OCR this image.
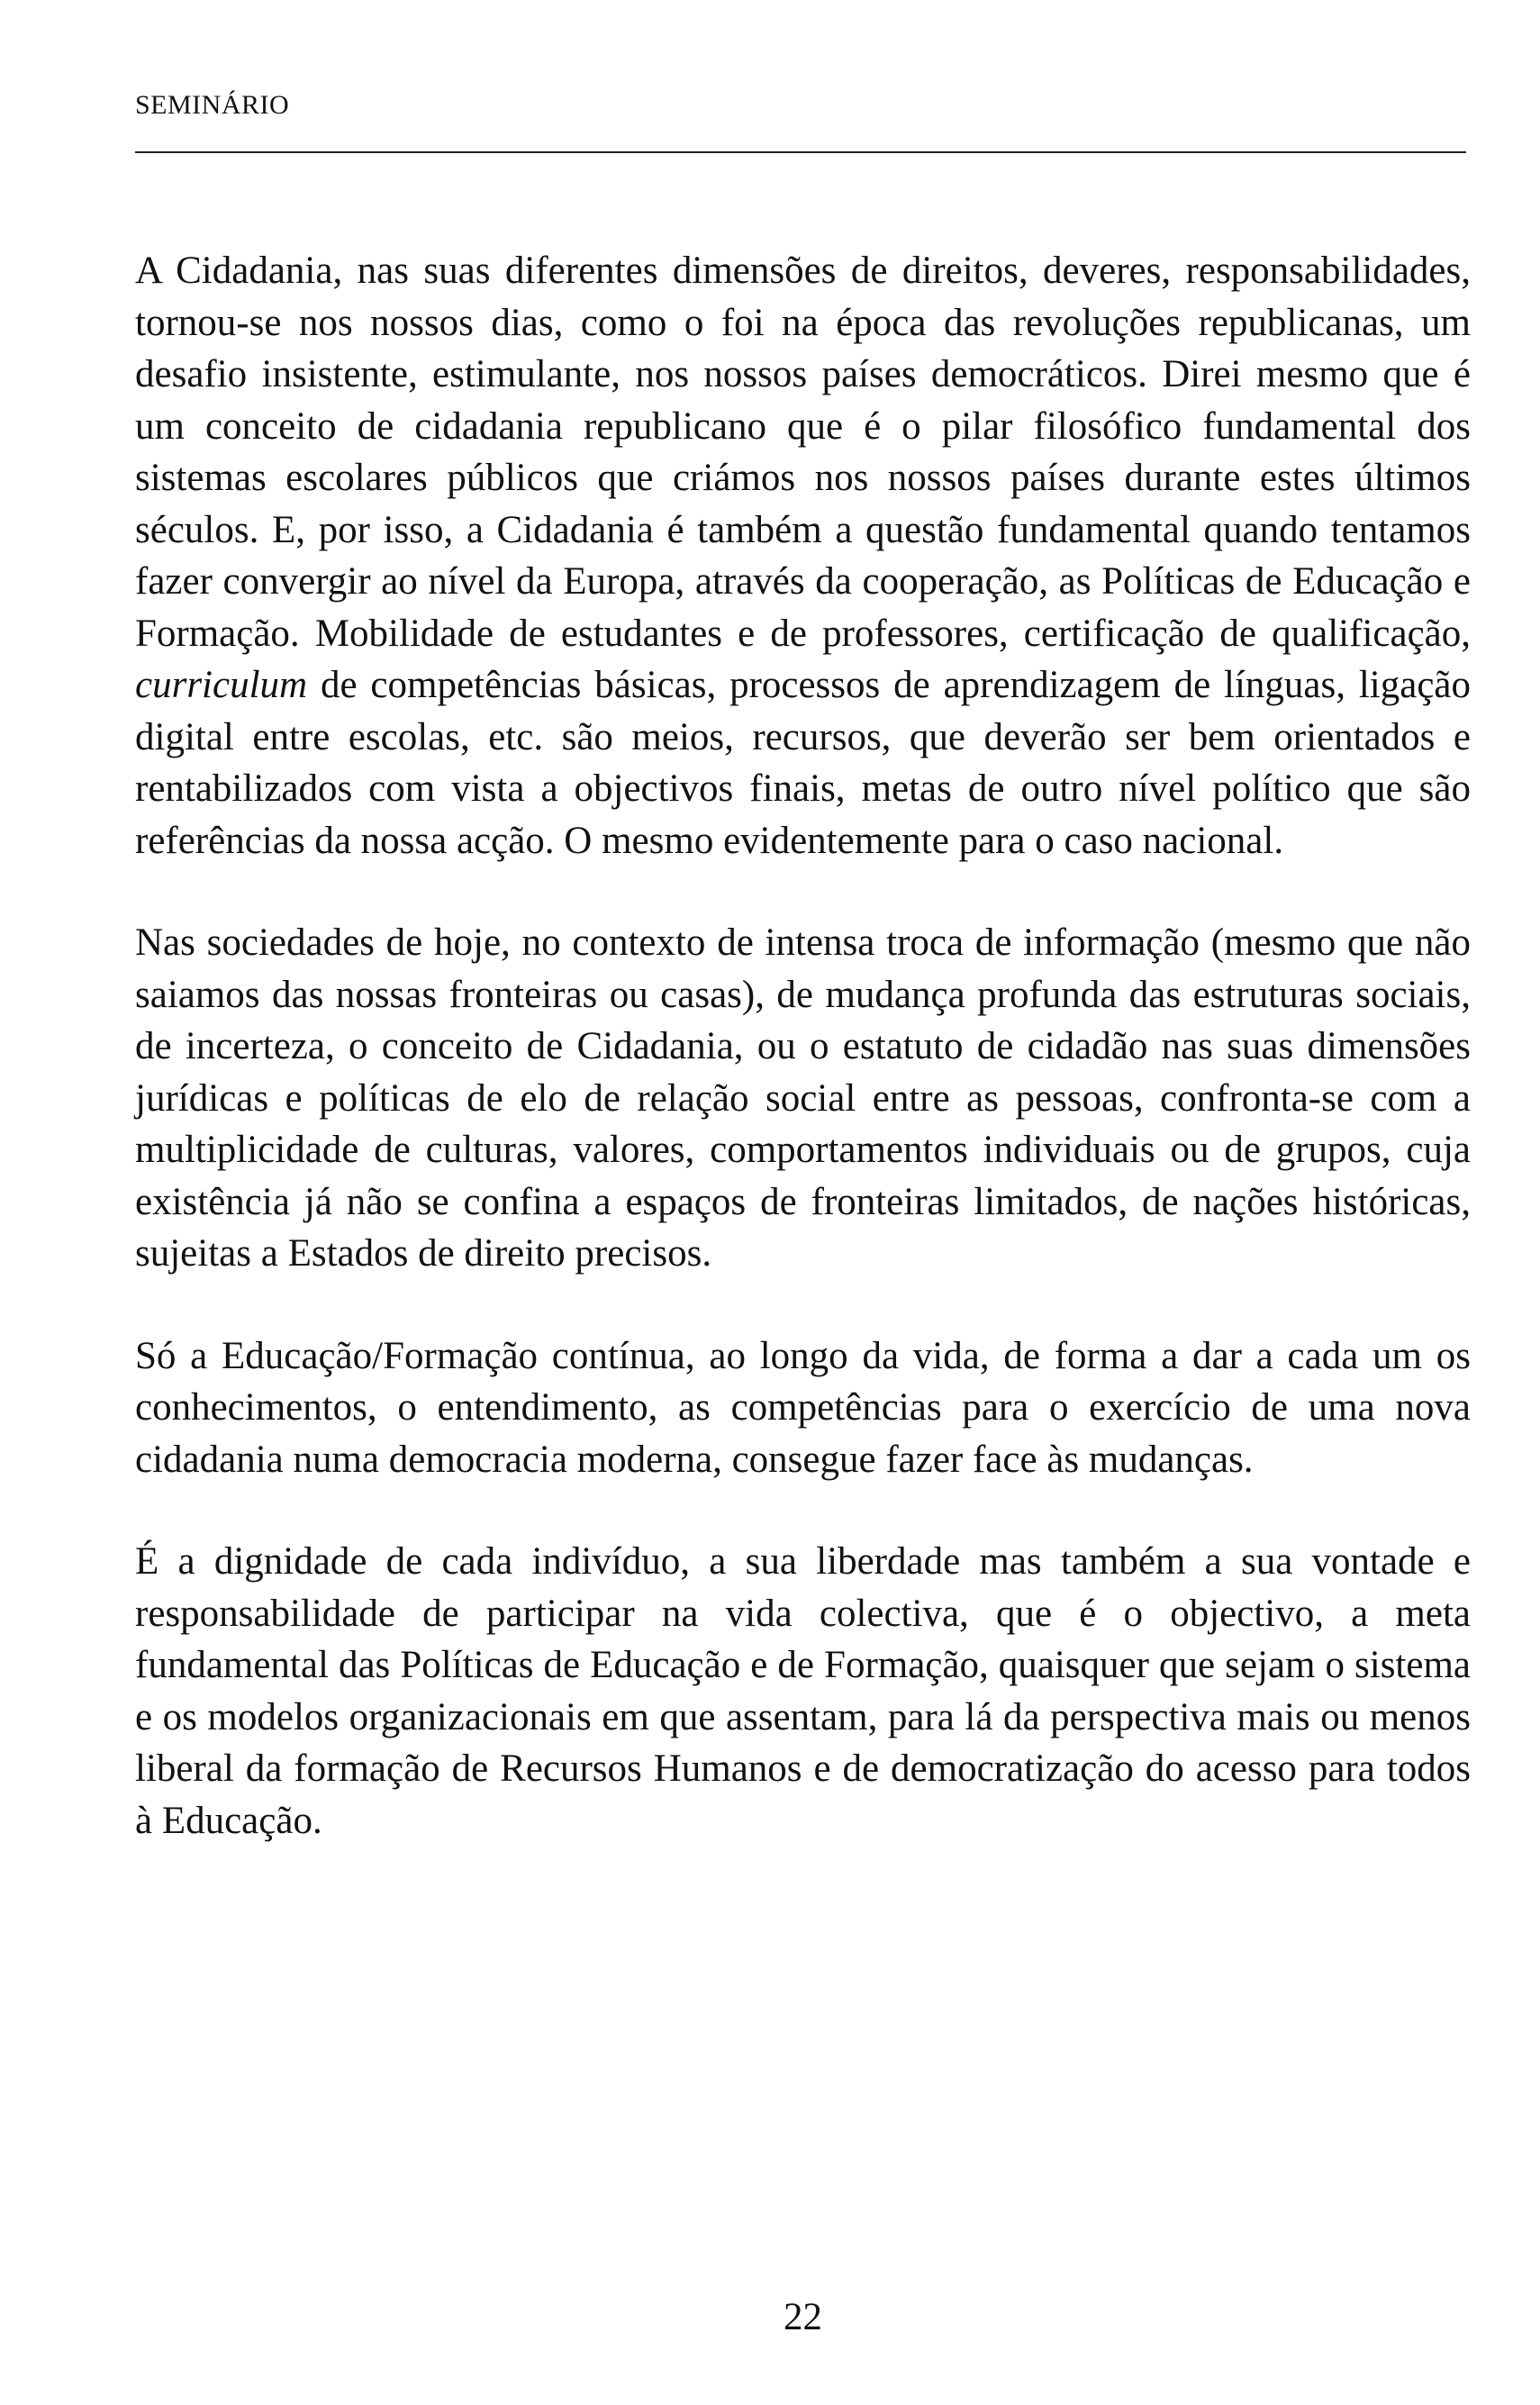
SEMINÁRIO

A Cidadania, nas suas diferentes dimensões de direitos, deveres, responsabilidades, tornou-se nos nossos dias, como o foi na época das revoluções republicanas, um desafio insistente, estimulante, nos nossos países democráticos. Direi mesmo que é um conceito de cidadania republicano que é o pilar filosófico fundamental dos sistemas escolares públicos que criámos nos nossos países durante estes últimos séculos. E, por isso, a Cidadania é também a questão fundamental quando tentamos fazer convergir ao nível da Europa, através da cooperação, as Políticas de Educação e Formação. Mobilidade de estudantes e de professores, certificação de qualificação, curriculum de competências básicas, processos de aprendizagem de línguas, ligação digital entre escolas, etc. são meios, recursos, que deverão ser bem orientados e rentabilizados com vista a objectivos finais, metas de outro nível político que são referências da nossa acção. O mesmo evidentemente para o caso nacional.

Nas sociedades de hoje, no contexto de intensa troca de informação (mesmo que não saiamos das nossas fronteiras ou casas), de mudança profunda das estruturas sociais, de incerteza, o conceito de Cidadania, ou o estatuto de cidadão nas suas dimensões jurídicas e políticas de elo de relação social entre as pessoas, confronta-se com a multiplicidade de culturas, valores, comportamentos individuais ou de grupos, cuja existência já não se confina a espaços de fronteiras limitados, de nações históricas, sujeitas a Estados de direito precisos.

Só a Educação/Formação contínua, ao longo da vida, de forma a dar a cada um os conhecimentos, o entendimento, as competências para o exercício de uma nova cidadania numa democracia moderna, consegue fazer face às mudanças.

É a dignidade de cada indivíduo, a sua liberdade mas também a sua vontade e responsabilidade de participar na vida colectiva, que é o objectivo, a meta fundamental das Políticas de Educação e de Formação, quaisquer que sejam o sistema e os modelos organizacionais em que assentam, para lá da perspectiva mais ou menos liberal da formação de Recursos Humanos e de democratização do acesso para todos à Educação.

22
